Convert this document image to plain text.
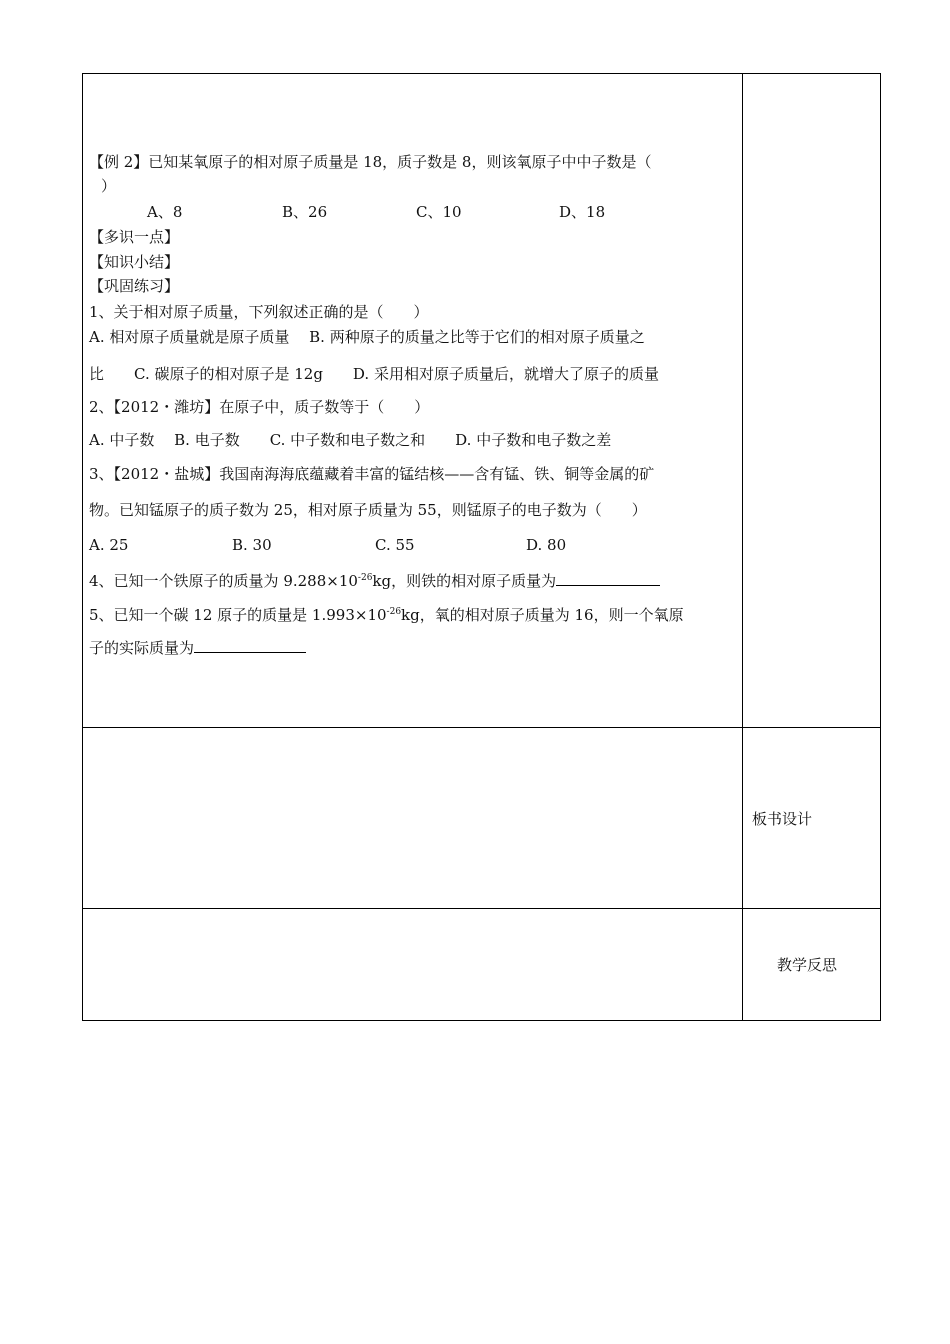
【例 2】已知某氧原子的相对原子质量是 18，质子数是 8，则该氧原子中中子数是（
）
A、8	B、26	C、10	D、18
【多识一点】
【知识小结】
【巩固练习】
1、关于相对原子质量，下列叙述正确的是（　　）
A. 相对原子质量就是原子质量　 B. 两种原子的质量之比等于它们的相对原子质量之
比　　C. 碳原子的相对原子是 12g　　D. 采用相对原子质量后，就增大了原子的质量
2、【2012・潍坊】在原子中，质子数等于（　　）
A. 中子数　 B. 电子数　　C. 中子数和电子数之和　　D. 中子数和电子数之差
3、【2012・盐城】我国南海海底蕴藏着丰富的锰结核——含有锰、铁、铜等金属的矿
物。已知锰原子的质子数为 25，相对原子质量为 55，则锰原子的电子数为（　　）
A. 25	B. 30	C. 55	D. 80
4、已知一个铁原子的质量为 $9.288\times 10^{-26}kg$，则铁的相对原子质量为
5、已知一个碳 12 原子的质量是 $1.993\times 10^{-26}kg$，氧的相对原子质量为 16，则一个氧原
子的实际质量为
板书设计
教学反思
